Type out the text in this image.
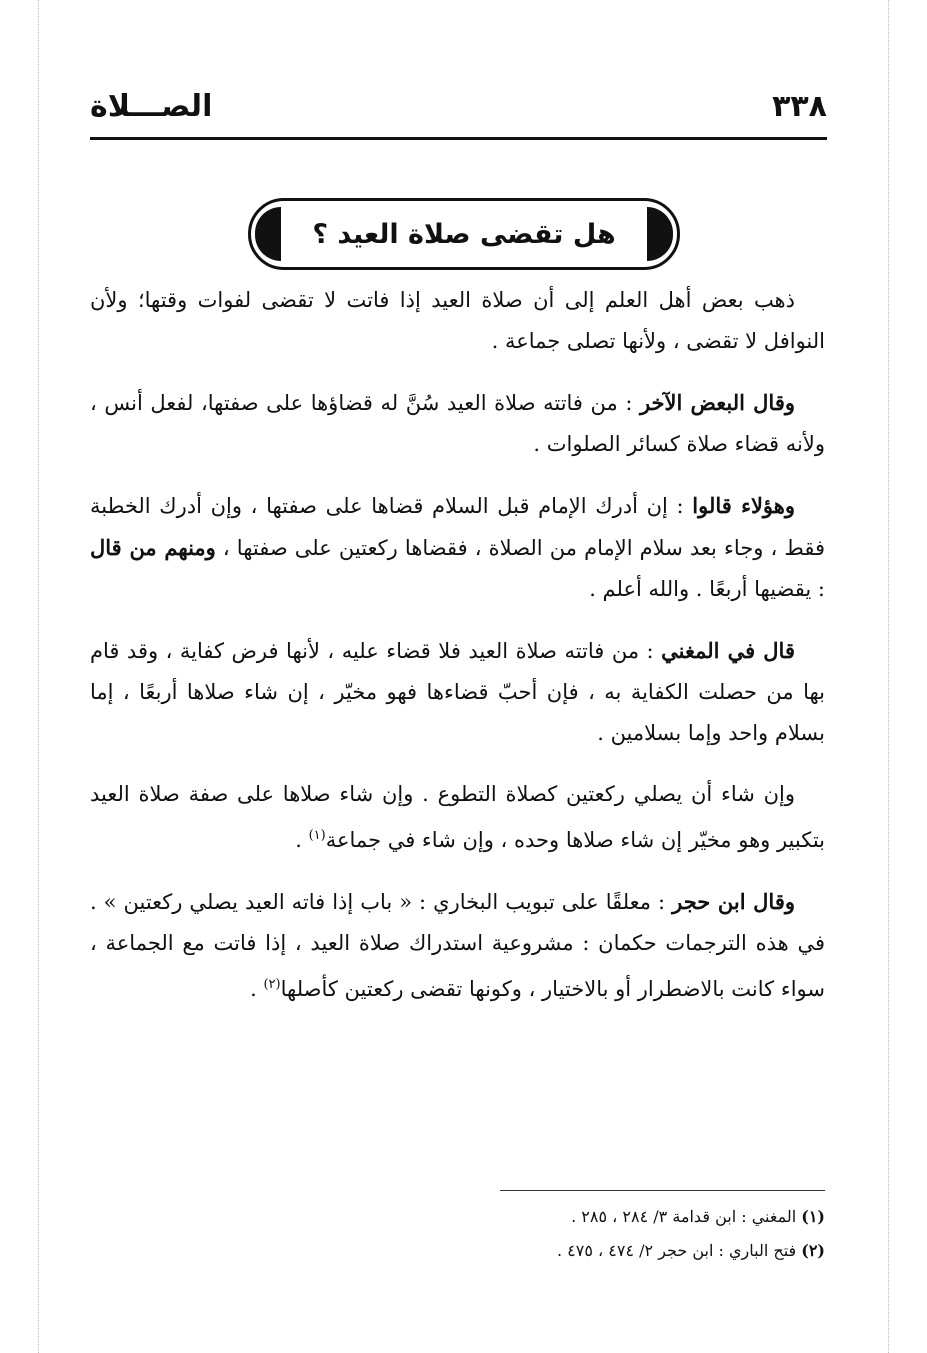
٣٣٨
الصـــلاة
هل تقضى صلاة العيد ؟

ذهب بعض أهل العلم إلى أن صلاة العيد إذا فاتت لا تقضى لفوات وقتها؛ ولأن النوافل لا تقضى ، ولأنها تصلى جماعة .

وقال البعض الآخر : من فاتته صلاة العيد سُنَّ له قضاؤها على صفتها، لفعل أنس ، ولأنه قضاء صلاة كسائر الصلوات .

وهؤلاء قالوا : إن أدرك الإمام قبل السلام قضاها على صفتها ، وإن أدرك الخطبة فقط ، وجاء بعد سلام الإمام من الصلاة ، فقضاها ركعتين على صفتها ، ومنهم من قال : يقضيها أربعًا . والله أعلم .

قال في المغني : من فاتته صلاة العيد فلا قضاء عليه ، لأنها فرض كفاية ، وقد قام بها من حصلت الكفاية به ، فإن أحبّ قضاءها فهو مخيّر ، إن شاء صلاها أربعًا ، إما بسلام واحد وإما بسلامين .

وإن شاء أن يصلي ركعتين كصلاة التطوع . وإن شاء صلاها على صفة صلاة العيد بتكبير وهو مخيّر إن شاء صلاها وحده ، وإن شاء في جماعة$^{(١)}$ .

وقال ابن حجر : معلقًا على تبويب البخاري : « باب إذا فاته العيد يصلي ركعتين » . في هذه الترجمات حكمان : مشروعية استدراك صلاة العيد ، إذا فاتت مع الجماعة ، سواء كانت بالاضطرار أو بالاختيار ، وكونها تقضى ركعتين كأصلها$^{(٢)}$ .

(١) المغني : ابن قدامة ٣/ ٢٨٤ ، ٢٨٥ .
(٢) فتح الباري : ابن حجر ٢/ ٤٧٤ ، ٤٧٥ .
